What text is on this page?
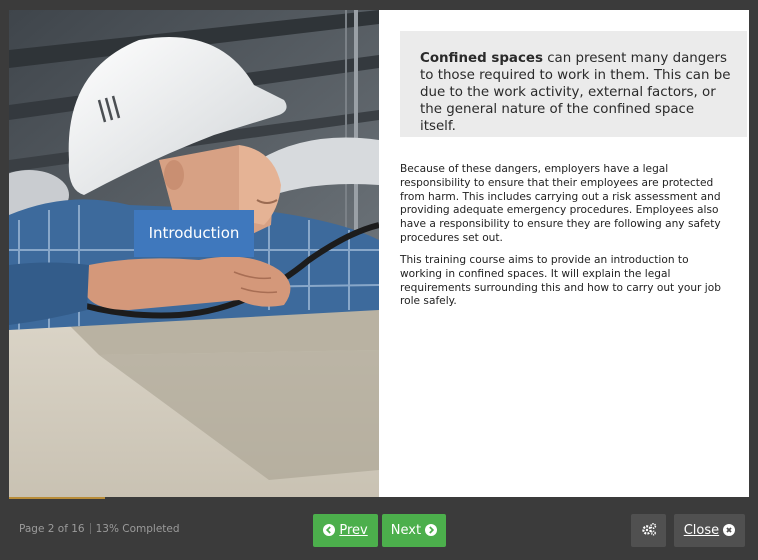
Introduction
Confined spaces can present many dangers to those required to work in them. This can be due to the work activity, external factors, or the general nature of the confined space itself.

Because of these dangers, employers have a legal responsibility to ensure that their employees are protected from harm. This includes carrying out a risk assessment and providing adequate emergency procedures. Employees also have a responsibility to ensure they are following any safety procedures set out.

This training course aims to provide an introduction to working in confined spaces. It will explain the legal requirements surrounding this and how to carry out your job role safely.

Page 2 of 16 13% Completed	Prev	Next	Close
